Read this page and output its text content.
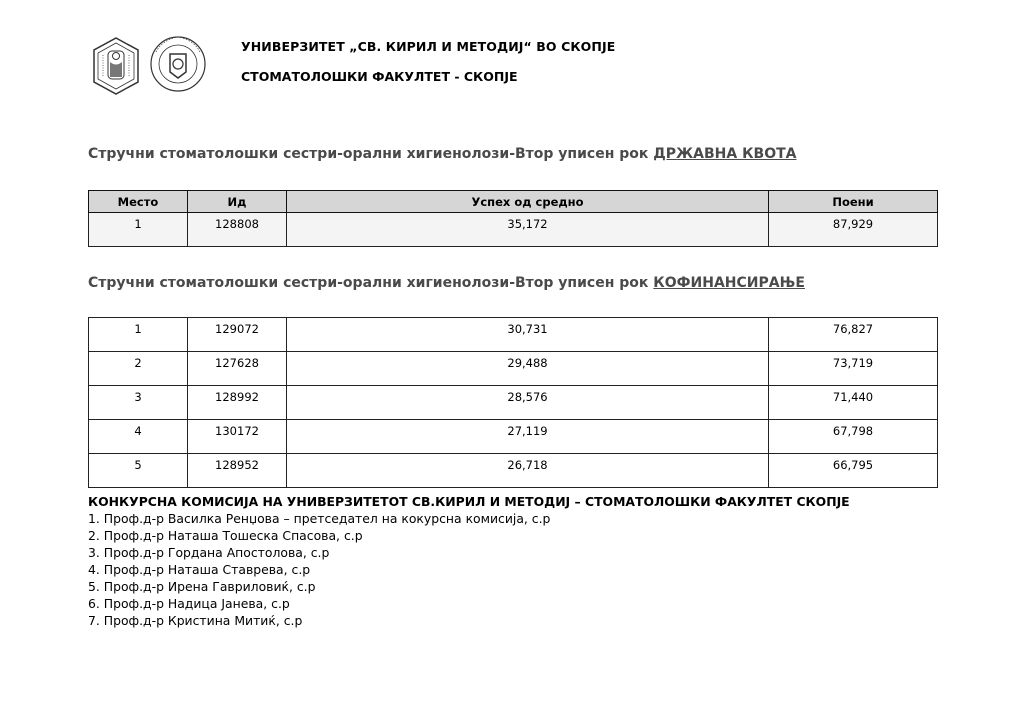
УНИВЕРЗИТЕТ „СВ. КИРИЛ И МЕТОДИЈ“ ВО СКОПЈЕ
СТОМАТОЛОШКИ ФАКУЛТЕТ - СКОПЈЕ
Стручни стоматолошки сестри-орални хигиенолози-Втор уписен рок ДРЖАВНА КВОТА
Место	Ид	Успех од средно	Поени
1	128808	35,172	87,929
Стручни стоматолошки сестри-орални хигиенолози-Втор уписен рок КОФИНАНСИРАЊЕ
1	129072	30,731	76,827
2	127628	29,488	73,719
3	128992	28,576	71,440
4	130172	27,119	67,798
5	128952	26,718	66,795
КОНКУРСНА КОМИСИЈА НА УНИВЕРЗИТЕТОТ СВ.КИРИЛ И МЕТОДИЈ – СТОМАТОЛОШКИ ФАКУЛТЕТ СКОПЈЕ
1. Проф.д-р Василка Ренџова – претседател на кокурсна комисија, с.р
2. Проф.д-р Наташа Тошеска Спасова, с.р
3. Проф.д-р Гордана Апостолова, с.р
4. Проф.д-р Наташа Ставрева, с.р
5. Проф.д-р Ирена Гавриловиќ, с.р
6. Проф.д-р Надица Јанева, с.р
7. Проф.д-р Кристина Митиќ, с.р
